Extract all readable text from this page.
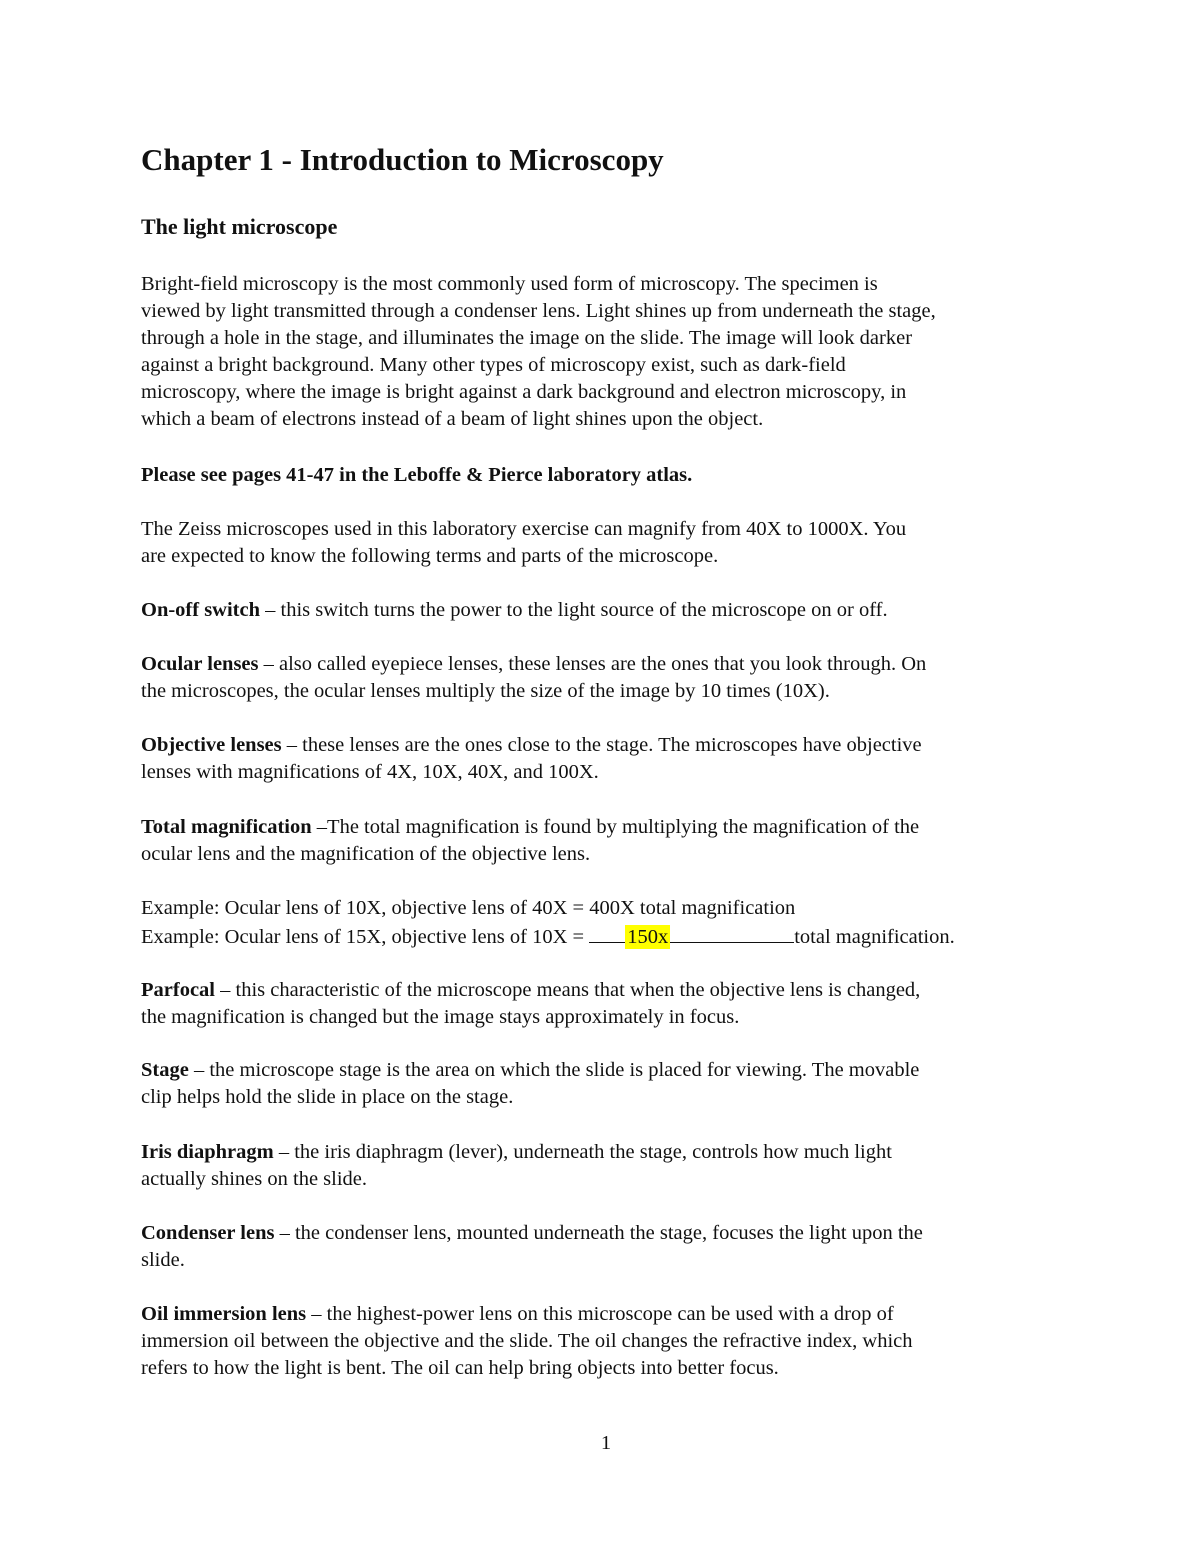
Chapter 1 - Introduction to Microscopy
The light microscope

Bright-field microscopy is the most commonly used form of microscopy. The specimen is
viewed by light transmitted through a condenser lens. Light shines up from underneath the stage,
through a hole in the stage, and illuminates the image on the slide. The image will look darker
against a bright background. Many other types of microscopy exist, such as dark-field
microscopy, where the image is bright against a dark background and electron microscopy, in
which a beam of electrons instead of a beam of light shines upon the object.

Please see pages 41-47 in the Leboffe & Pierce laboratory atlas.

The Zeiss microscopes used in this laboratory exercise can magnify from 40X to 1000X. You
are expected to know the following terms and parts of the microscope.

On-off switch – this switch turns the power to the light source of the microscope on or off.

Ocular lenses – also called eyepiece lenses, these lenses are the ones that you look through. On
the microscopes, the ocular lenses multiply the size of the image by 10 times (10X).

Objective lenses – these lenses are the ones close to the stage. The microscopes have objective
lenses with magnifications of 4X, 10X, 40X, and 100X.

Total magnification –The total magnification is found by multiplying the magnification of the
ocular lens and the magnification of the objective lens.

Example: Ocular lens of 10X, objective lens of 40X = 400X total magnification
Example: Ocular lens of 15X, objective lens of 10X = 150x	total magnification.

Parfocal – this characteristic of the microscope means that when the objective lens is changed,
the magnification is changed but the image stays approximately in focus.

Stage – the microscope stage is the area on which the slide is placed for viewing. The movable
clip helps hold the slide in place on the stage.

Iris diaphragm – the iris diaphragm (lever), underneath the stage, controls how much light
actually shines on the slide.

Condenser lens – the condenser lens, mounted underneath the stage, focuses the light upon the
slide.

Oil immersion lens – the highest-power lens on this microscope can be used with a drop of
immersion oil between the objective and the slide. The oil changes the refractive index, which
refers to how the light is bent. The oil can help bring objects into better focus.

1
